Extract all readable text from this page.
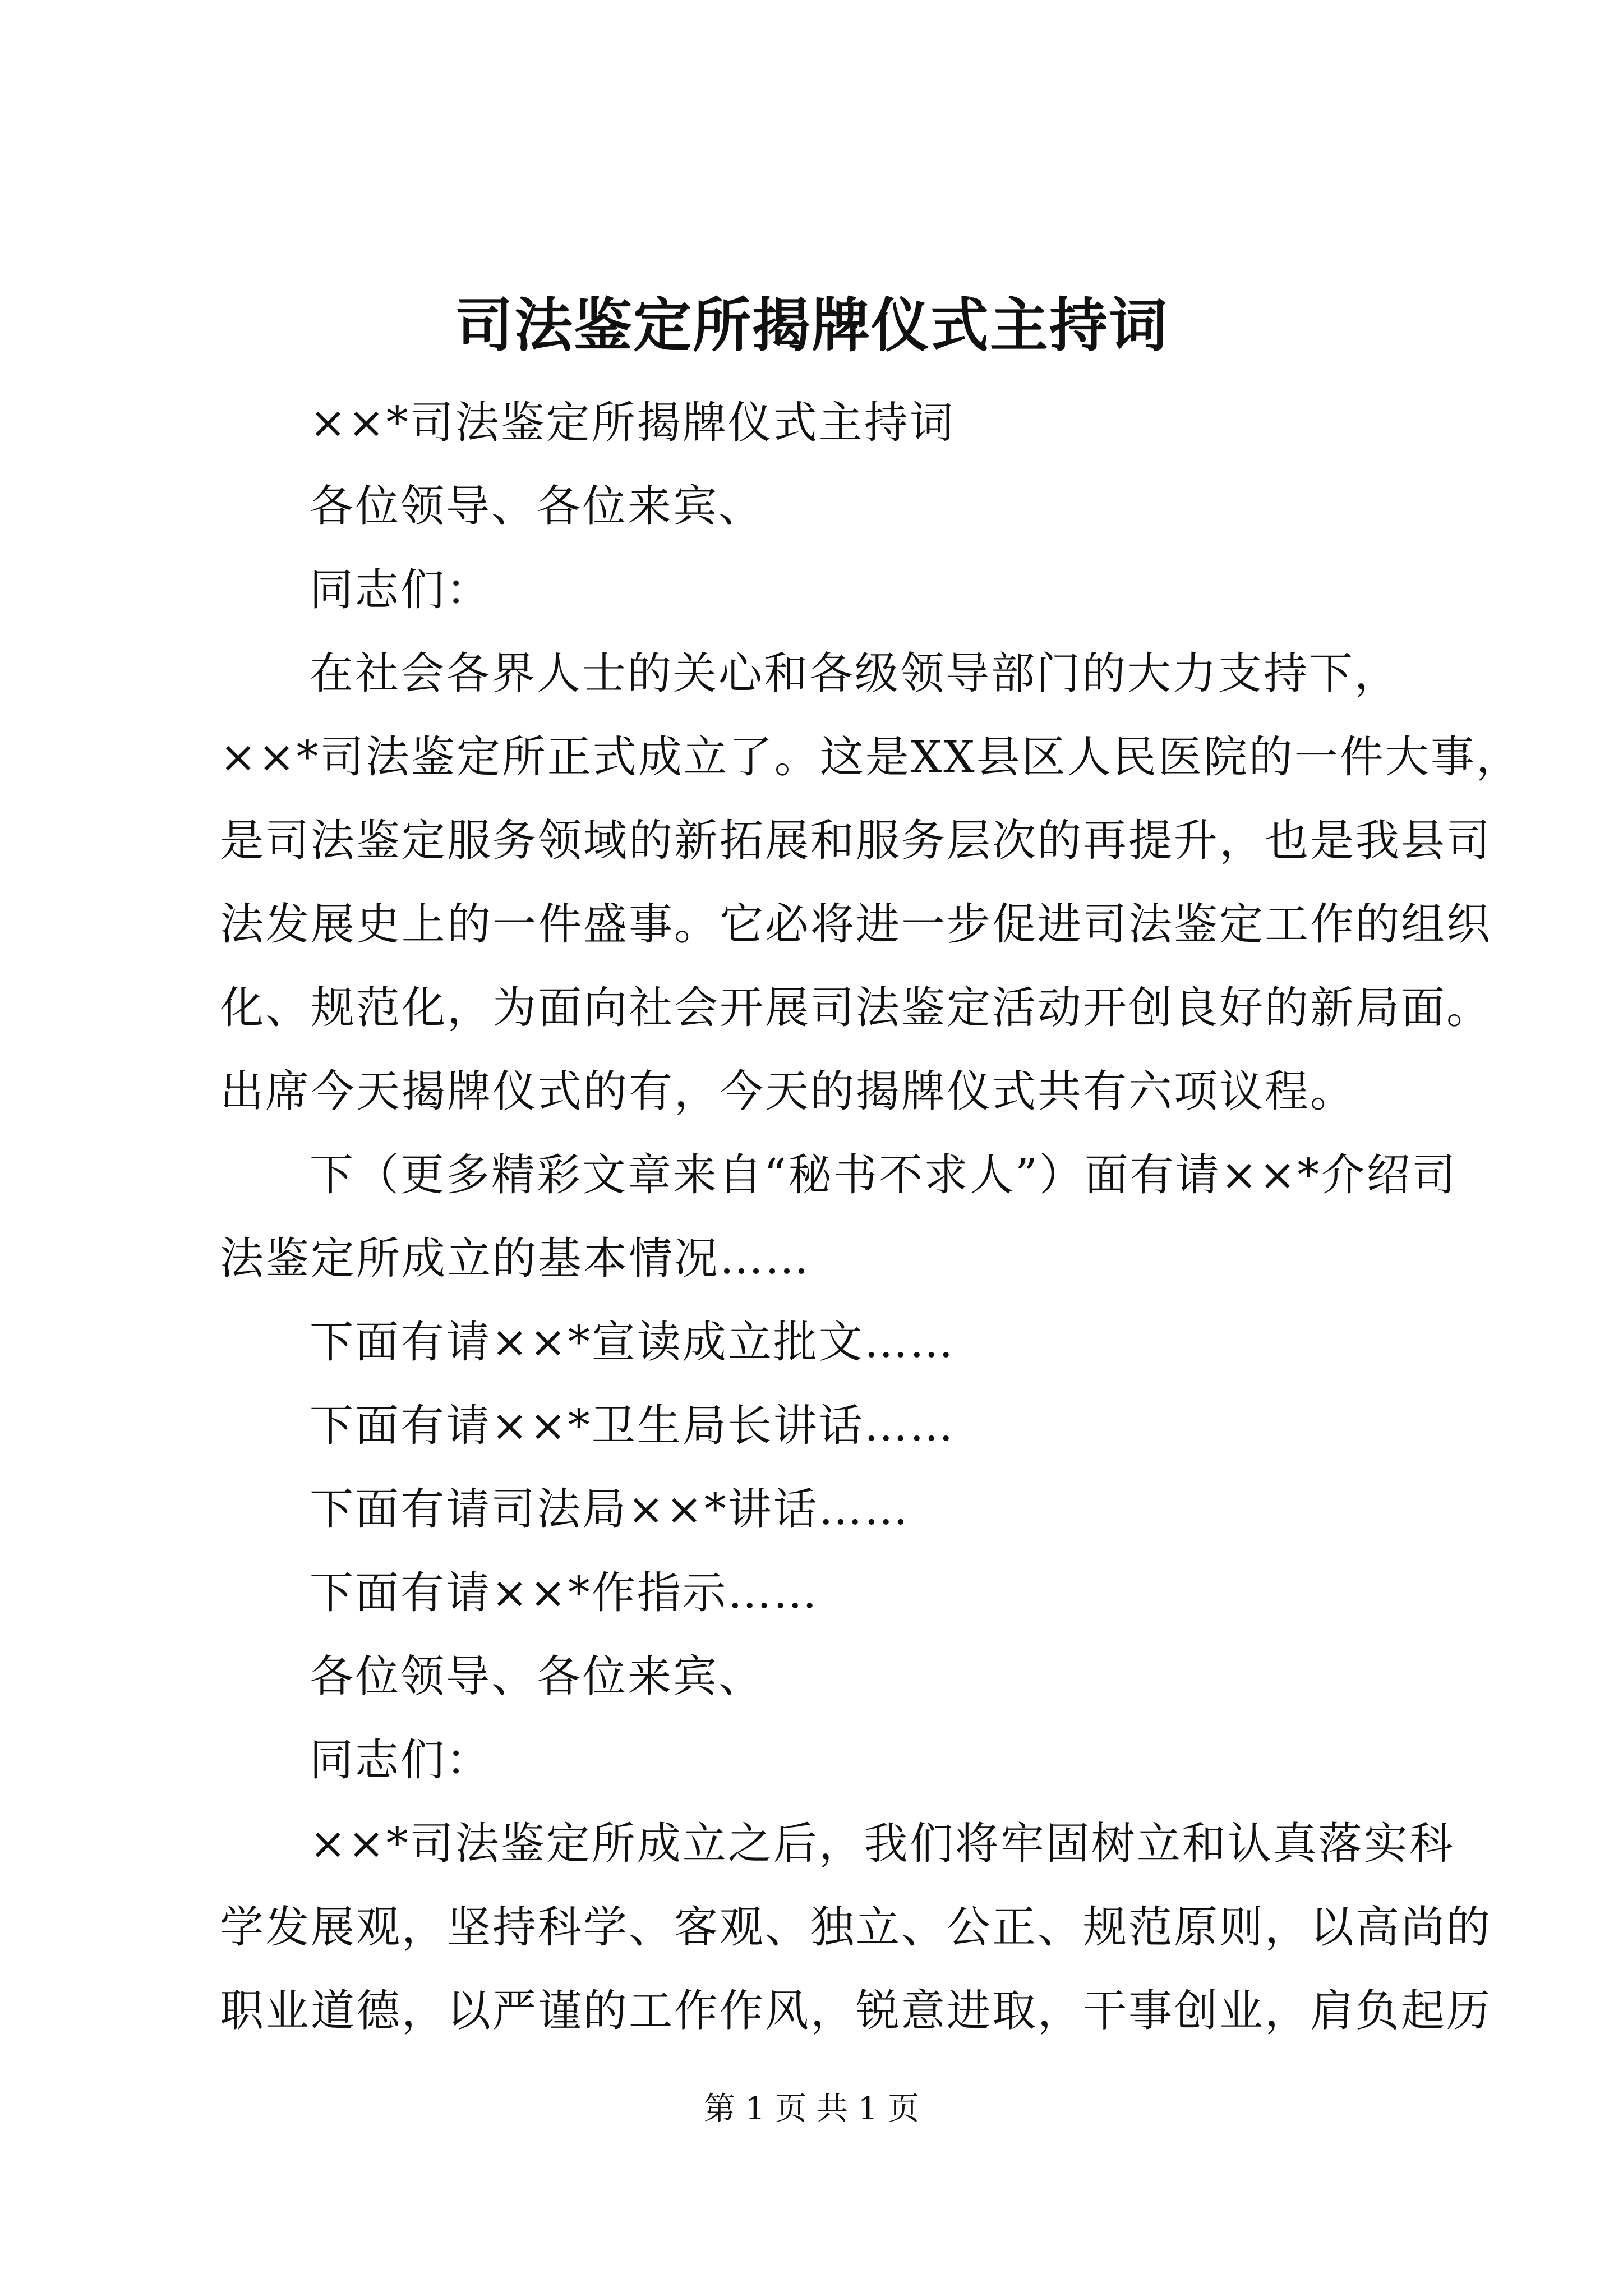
司法鉴定所揭牌仪式主持词
××*司法鉴定所揭牌仪式主持词
各位领导、各位来宾、
同志们：
在社会各界人士的关心和各级领导部门的大力支持下，
××*司法鉴定所正式成立了。这是XX县区人民医院的一件大事，
是司法鉴定服务领域的新拓展和服务层次的再提升，也是我县司
法发展史上的一件盛事。它必将进一步促进司法鉴定工作的组织
化、规范化，为面向社会开展司法鉴定活动开创良好的新局面。
出席今天揭牌仪式的有，今天的揭牌仪式共有六项议程。
下（更多精彩文章来自“秘书不求人”）面有请××*介绍司
法鉴定所成立的基本情况……
下面有请××*宣读成立批文……
下面有请××*卫生局长讲话……
下面有请司法局××*讲话……
下面有请××*作指示……
各位领导、各位来宾、
同志们：
××*司法鉴定所成立之后，我们将牢固树立和认真落实科
学发展观，坚持科学、客观、独立、公正、规范原则，以高尚的
职业道德，以严谨的工作作风，锐意进取，干事创业，肩负起历
第 1 页 共 1 页
